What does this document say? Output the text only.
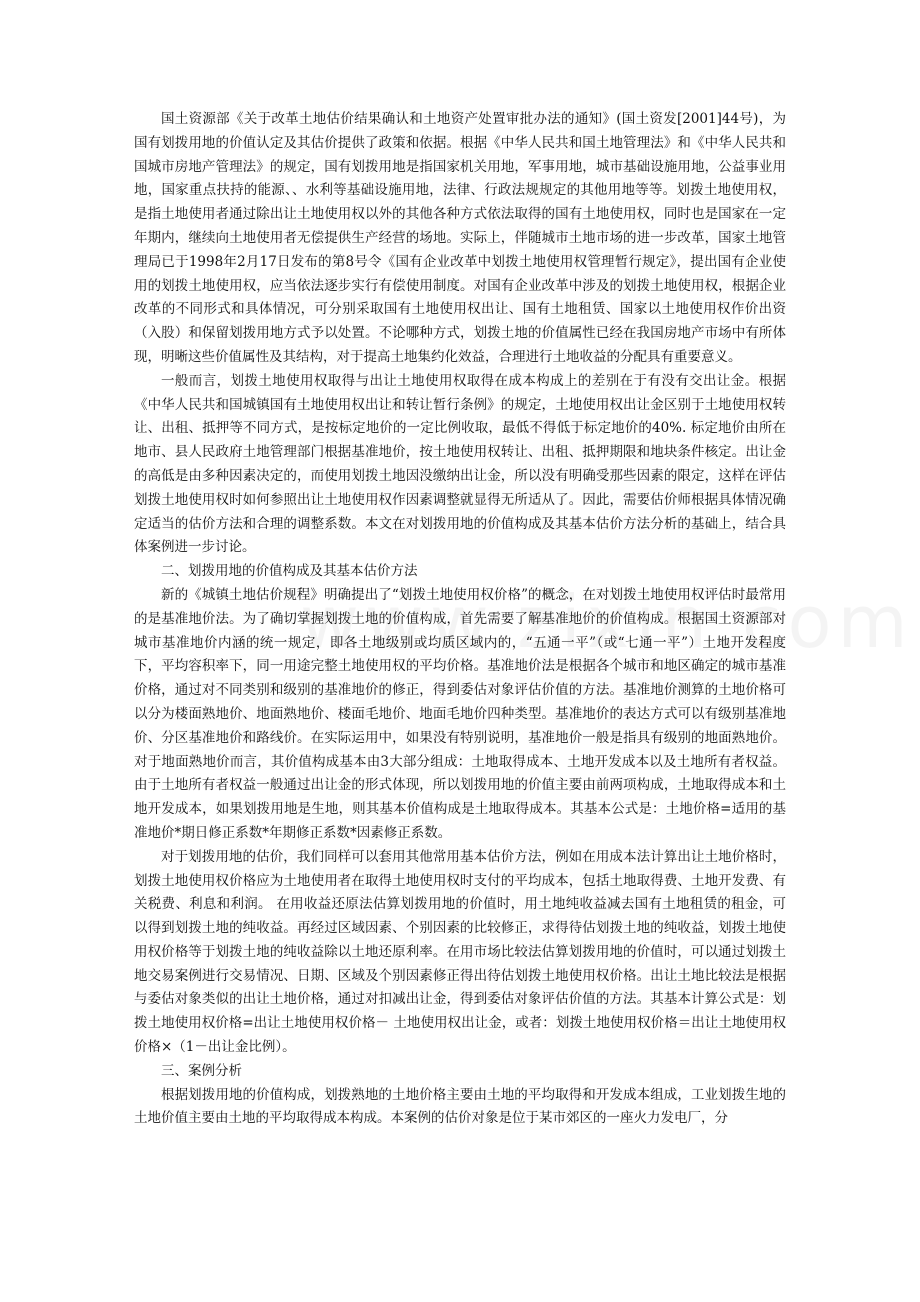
国土资源部《关于改革土地估价结果确认和土地资产处置审批办法的通知》(国土资发[2001]44号)，为国有划拨用地的价值认定及其估价提供了政策和依据。根据《中华人民共和国土地管理法》和《中华人民共和国城市房地产管理法》的规定，国有划拨用地是指国家机关用地，军事用地，城市基础设施用地，公益事业用地，国家重点扶持的能源、、水利等基础设施用地，法律、行政法规规定的其他用地等等。划拨土地使用权，是指土地使用者通过除出让土地使用权以外的其他各种方式依法取得的国有土地使用权，同时也是国家在一定年期内，继续向土地使用者无偿提供生产经营的场地。实际上，伴随城市土地市场的进一步改革，国家土地管理局已于1998年2月17日发布的第8号令《国有企业改革中划拨土地使用权管理暂行规定》，提出国有企业使用的划拨土地使用权，应当依法逐步实行有偿使用制度。对国有企业改革中涉及的划拨土地使用权，根据企业改革的不同形式和具体情况，可分别采取国有土地使用权出让、国有土地租赁、国家以土地使用权作价出资（入股）和保留划拨用地方式予以处置。不论哪种方式，划拨土地的价值属性已经在我国房地产市场中有所体现，明晰这些价值属性及其结构，对于提高土地集约化效益，合理进行土地收益的分配具有重要意义。

一般而言，划拨土地使用权取得与出让土地使用权取得在成本构成上的差别在于有没有交出让金。根据《中华人民共和国城镇国有土地使用权出让和转让暂行条例》的规定，土地使用权出让金区别于土地使用权转让、出租、抵押等不同方式，是按标定地价的一定比例收取，最低不得低于标定地价的40%. 标定地价由所在地市、县人民政府土地管理部门根据基准地价，按土地使用权转让、出租、抵押期限和地块条件核定。出让金的高低是由多种因素决定的，而使用划拨土地因没缴纳出让金，所以没有明确受那些因素的限定，这样在评估划拨土地使用权时如何参照出让土地使用权作因素调整就显得无所适从了。因此，需要估价师根据具体情况确定适当的估价方法和合理的调整系数。本文在对划拨用地的价值构成及其基本估价方法分析的基础上，结合具体案例进一步讨论。

二、划拨用地的价值构成及其基本估价方法

新的《城镇土地估价规程》明确提出了“划拨土地使用权价格”的概念，在对划拨土地使用权评估时最常用的是基准地价法。为了确切掌握划拨土地的价值构成，首先需要了解基准地价的价值构成。根据国土资源部对城市基准地价内涵的统一规定，即各土地级别或均质区域内的，“五通一平”（或“七通一平”）土地开发程度下，平均容积率下，同一用途完整土地使用权的平均价格。基准地价法是根据各个城市和地区确定的城市基准价格，通过对不同类别和级别的基准地价的修正，得到委估对象评估价值的方法。基准地价测算的土地价格可以分为楼面熟地价、地面熟地价、楼面毛地价、地面毛地价四种类型。基准地价的表达方式可以有级别基准地价、分区基准地价和路线价。在实际运用中，如果没有特别说明，基准地价一般是指具有级别的地面熟地价。对于地面熟地价而言，其价值构成基本由3大部分组成：土地取得成本、土地开发成本以及土地所有者权益。由于土地所有者权益一般通过出让金的形式体现，所以划拨用地的价值主要由前两项构成，土地取得成本和土地开发成本，如果划拨用地是生地，则其基本价值构成是土地取得成本。其基本公式是：土地价格=适用的基准地价*期日修正系数*年期修正系数*因素修正系数。

对于划拨用地的估价，我们同样可以套用其他常用基本估价方法，例如在用成本法计算出让土地价格时，划拨土地使用权价格应为土地使用者在取得土地使用权时支付的平均成本，包括土地取得费、土地开发费、有关税费、利息和利润。 在用收益还原法估算划拨用地的价值时，用土地纯收益减去国有土地租赁的租金，可以得到划拨土地的纯收益。再经过区域因素、个别因素的比较修正，求得待估划拨土地的纯收益，划拨土地使用权价格等于划拨土地的纯收益除以土地还原利率。在用市场比较法估算划拨用地的价值时，可以通过划拨土地交易案例进行交易情况、日期、区域及个别因素修正得出待估划拨土地使用权价格。出让土地比较法是根据与委估对象类似的出让土地价格，通过对扣减出让金，得到委估对象评估价值的方法。其基本计算公式是：划拨土地使用权价格=出让土地使用权价格－ 土地使用权出让金，或者：划拨土地使用权价格＝出让土地使用权价格×（1－出让金比例）。

三、案例分析

根据划拨用地的价值构成，划拨熟地的土地价格主要由土地的平均取得和开发成本组成，工业划拨生地的土地价值主要由土地的平均取得成本构成。本案例的估价对象是位于某市郊区的一座火力发电厂，分
